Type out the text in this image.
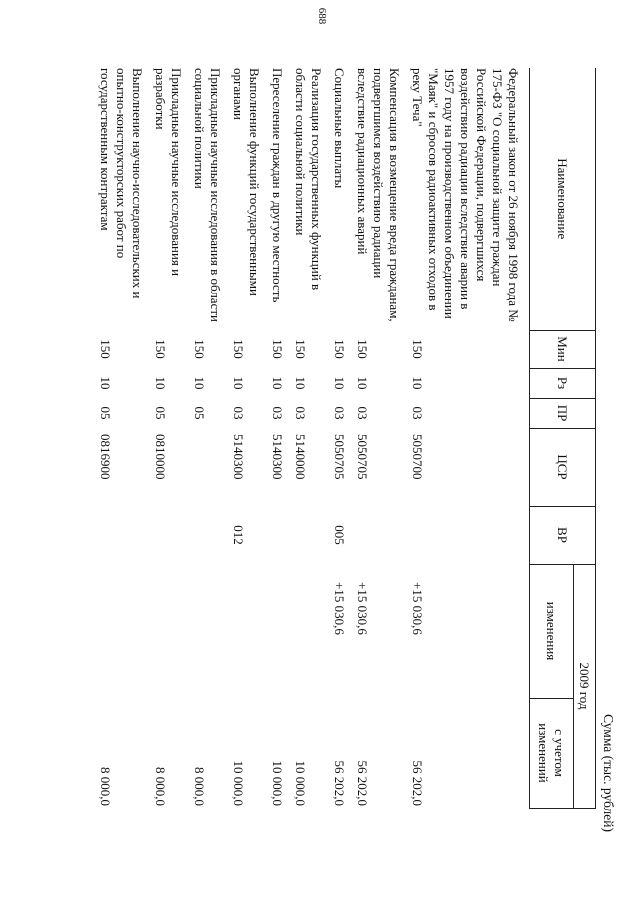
688
Сумма (тыс. рублей)
Наименование	Мин	Рз	ПР	ЦСР	ВР	2009 год	
						изменения	с учетом изменений
Федеральный закон от 26 ноября 1998 года № 175-ФЗ "О социальной защите граждан Российской Федерации, подвергшихся воздействию радиации вследствие аварии в 1957 году на производственном объединении "Маяк" и сбросов радиоактивных отходов в реку Теча"	150	10	03	5050700		+15 030,6	56 202,0
Компенсация в возмещение вреда гражданам, подвергшимся воздействию радиации вследствие радиационных аварий	150	10	03	5050705		+15 030,6	56 202,0
Социальные выплаты	150	10	03	5050705	005	+15 030,6	56 202,0
Реализация государственных функций в области социальной политики	150	10	03	5140000			10 000,0
Переселение граждан в другую местность	150	10	03	5140300			10 000,0
Выполнение функций государственными органами	150	10	03	5140300	012		10 000,0
Прикладные научные исследования в области социальной политики	150	10	05				8 000,0
Прикладные научные исследования и разработки	150	10	05	0810000			8 000,0
Выполнение научно-исследовательских и опытно-конструкторских работ по государственным контрактам	150	10	05	0816900			8 000,0
